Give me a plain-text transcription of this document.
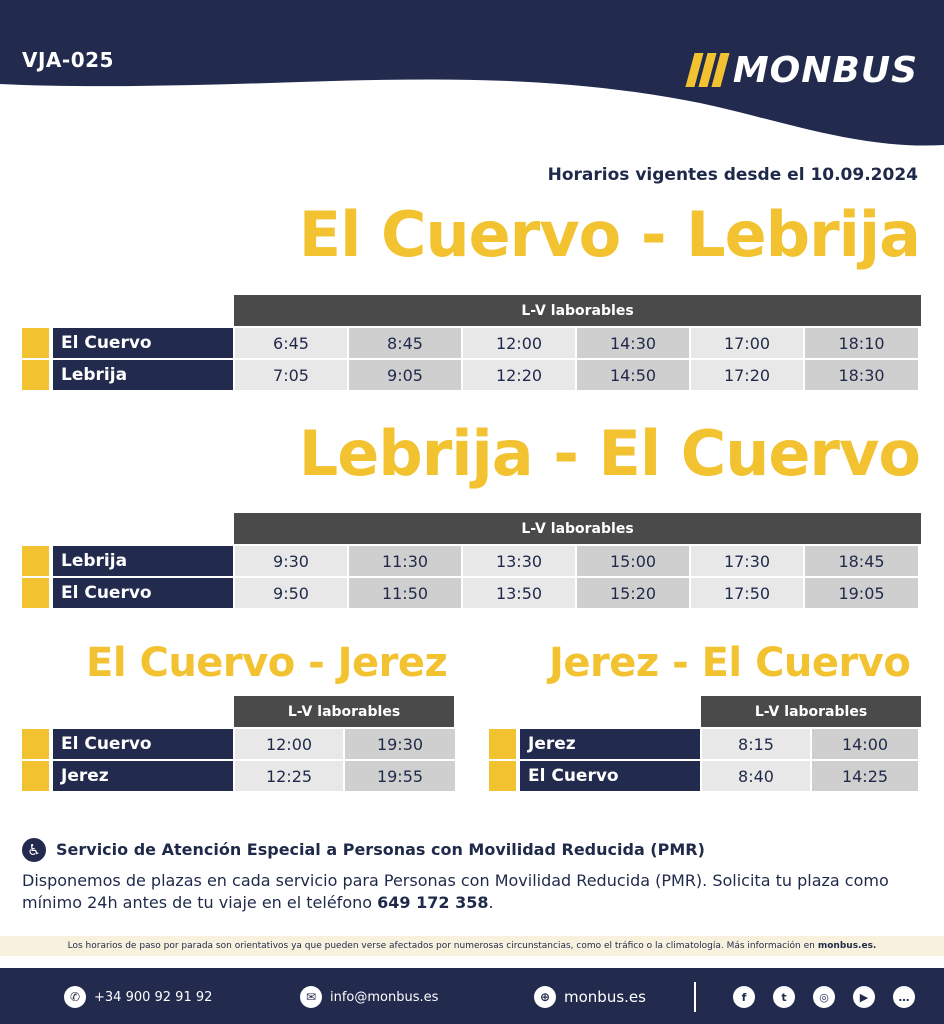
VJA-025	MONBUS
Horarios vigentes desde el 10.09.2024
El Cuervo - Lebrija
L-V laborables
El Cuervo	6:45	8:45	12:00	14:30	17:00	18:10
Lebrija	7:05	9:05	12:20	14:50	17:20	18:30
Lebrija - El Cuervo
L-V laborables
Lebrija	9:30	11:30	13:30	15:00	17:30	18:45
El Cuervo	9:50	11:50	13:50	15:20	17:50	19:05
El Cuervo - Jerez
L-V laborables
El Cuervo	12:00	19:30
Jerez	12:25	19:55
Jerez - El Cuervo
L-V laborables
Jerez	8:15	14:00
El Cuervo	8:40	14:25
♿ Servicio de Atención Especial a Personas con Movilidad Reducida (PMR)
Disponemos de plazas en cada servicio para Personas con Movilidad Reducida (PMR). Solicita tu plaza como mínimo 24h antes de tu viaje en el teléfono 649 172 358.
Los horarios de paso por parada son orientativos ya que pueden verse afectados por numerosas circunstancias, como el tráfico o la climatología. Más información en monbus.es.
✆	+34 900 92 91 92	✉	info@monbus.es	⊕ monbus.es	f	t	◎	▶	…
